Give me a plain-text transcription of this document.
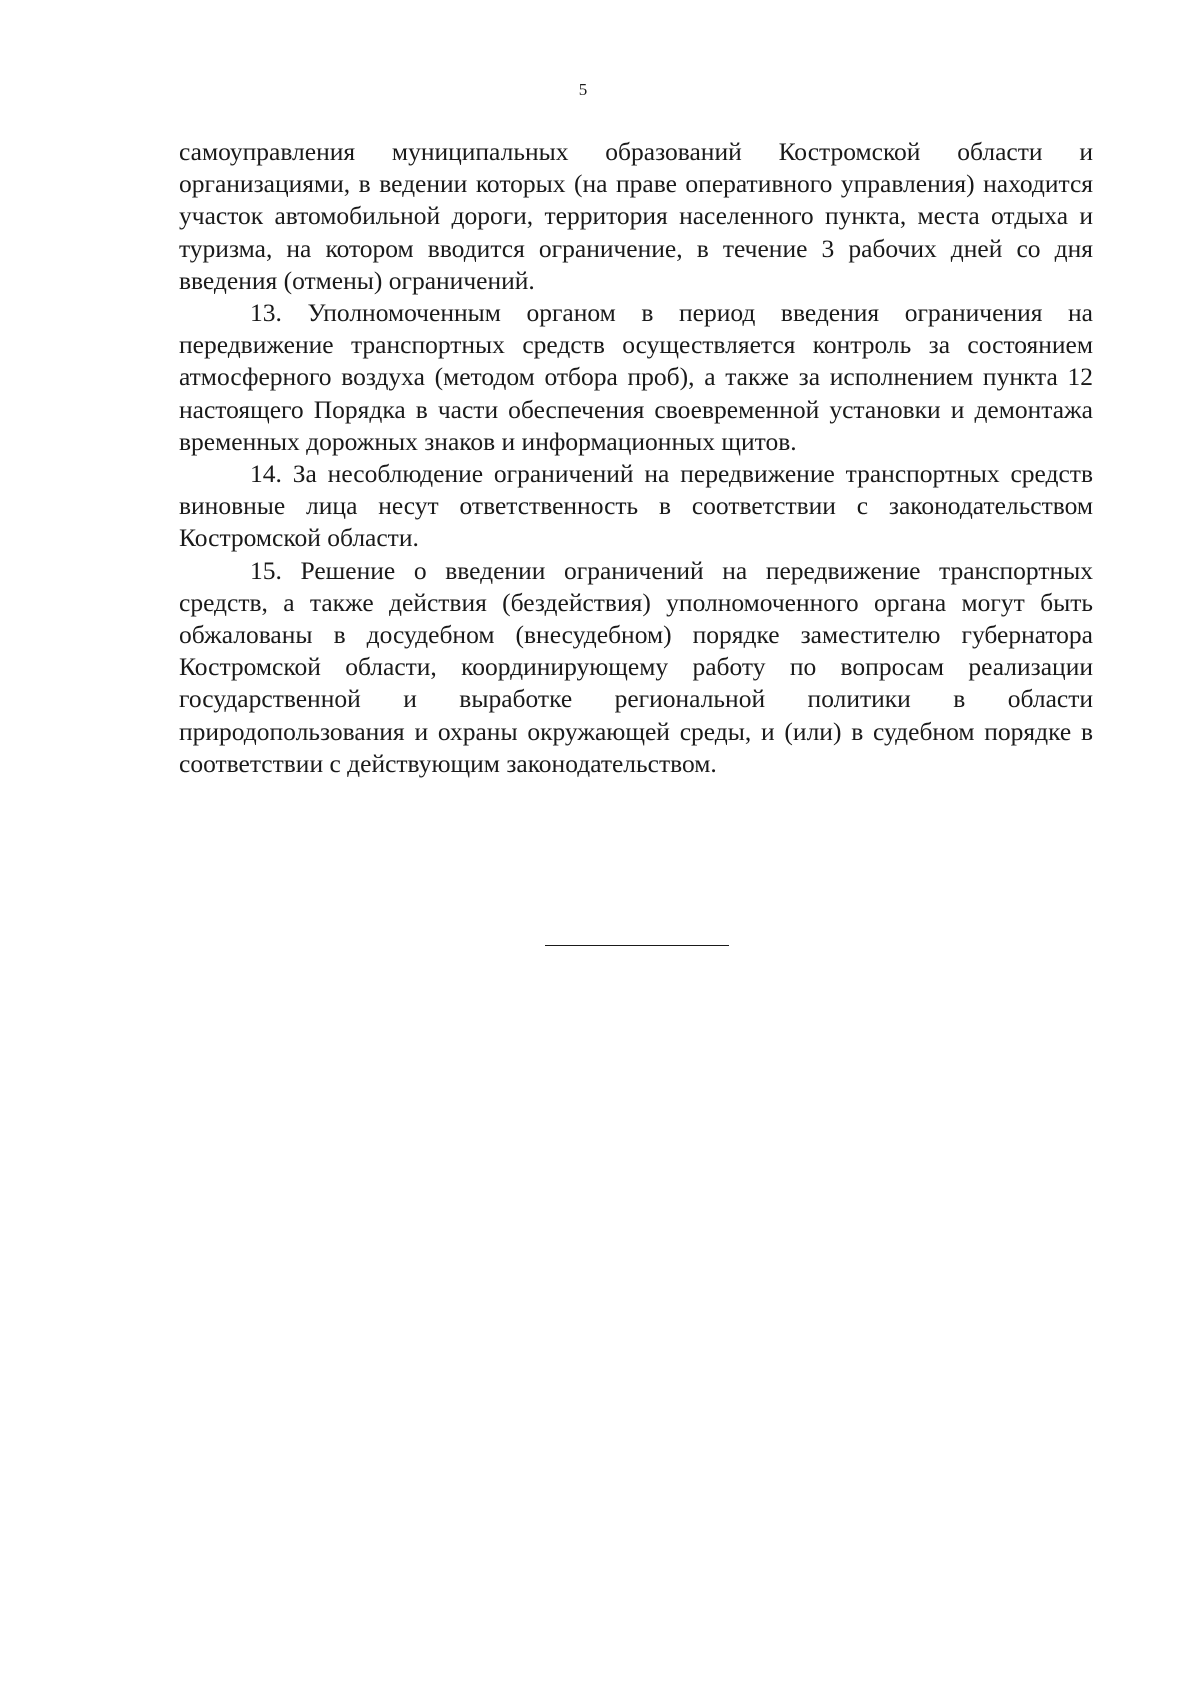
5

самоуправления муниципальных образований Костромской области и организациями, в ведении которых (на праве оперативного управления) находится участок автомобильной дороги, территория населенного пункта, места отдыха и туризма, на котором вводится ограничение, в течение 3 рабочих дней со дня введения (отмены) ограничений.

13. Уполномоченным органом в период введения ограничения на передвижение транспортных средств осуществляется контроль за состоянием атмосферного воздуха (методом отбора проб), а также за исполнением пункта 12 настоящего Порядка в части обеспечения своевременной установки и демонтажа временных дорожных знаков и информационных щитов.

14. За несоблюдение ограничений на передвижение транспортных средств виновные лица несут ответственность в соответствии с законодательством Костромской области.

15. Решение о введении ограничений на передвижение транспортных средств, а также действия (бездействия) уполномоченного органа могут быть обжалованы в досудебном (внесудебном) порядке заместителю губернатора Костромской области, координирующему работу по вопросам реализации государственной и выработке региональной политики в области природопользования и охраны окружающей среды, и (или) в судебном порядке в соответствии с действующим законодательством.
